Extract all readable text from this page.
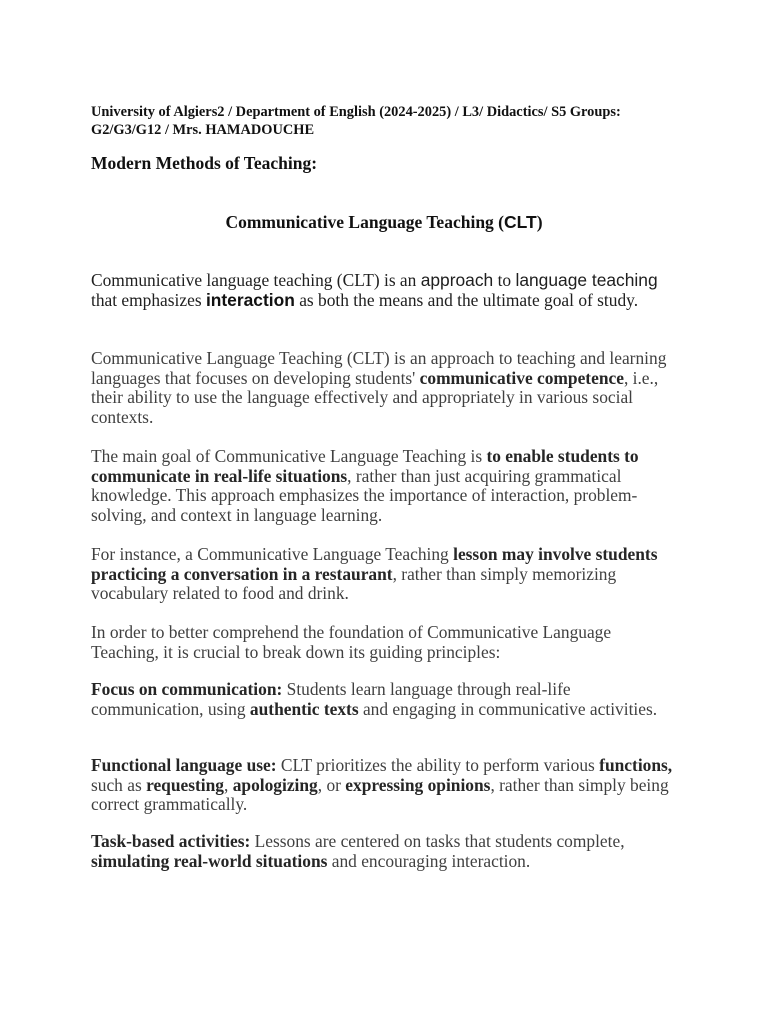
University of Algiers2 / Department of English (2024-2025) / L3/ Didactics/ S5 Groups: G2/G3/G12 / Mrs. HAMADOUCHE
Modern Methods of Teaching:
Communicative Language Teaching (CLT)
Communicative language teaching (CLT) is an approach to language teaching that emphasizes interaction as both the means and the ultimate goal of study.
Communicative Language Teaching (CLT) is an approach to teaching and learning languages that focuses on developing students' communicative competence, i.e., their ability to use the language effectively and appropriately in various social contexts.
The main goal of Communicative Language Teaching is to enable students to communicate in real-life situations, rather than just acquiring grammatical knowledge. This approach emphasizes the importance of interaction, problem-solving, and context in language learning.
For instance, a Communicative Language Teaching lesson may involve students practicing a conversation in a restaurant, rather than simply memorizing vocabulary related to food and drink.
In order to better comprehend the foundation of Communicative Language Teaching, it is crucial to break down its guiding principles:
Focus on communication: Students learn language through real-life communication, using authentic texts and engaging in communicative activities.
Functional language use: CLT prioritizes the ability to perform various functions, such as requesting, apologizing, or expressing opinions, rather than simply being correct grammatically.
Task-based activities: Lessons are centered on tasks that students complete, simulating real-world situations and encouraging interaction.
